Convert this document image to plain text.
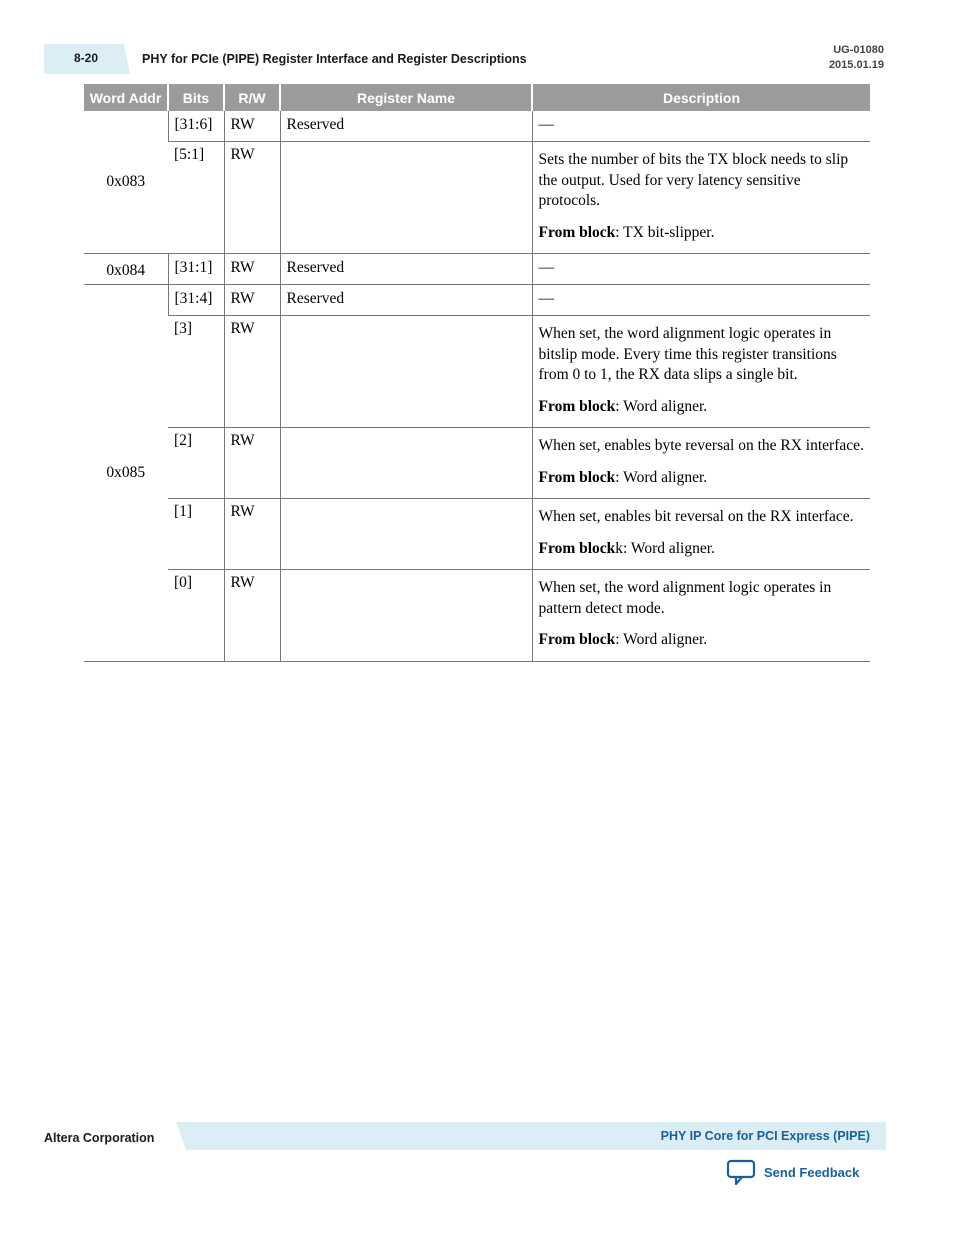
8-20	PHY for PCIe (PIPE) Register Interface and Register Descriptions
UG-01080
2015.01.19
Word Addr	Bits	R/W	Register Name	Description
0x083	[31:6]	RW	Reserved	—
	[5:1]	RW		Sets the number of bits the TX block needs to slip the output. Used for very latency sensitive protocols.

From block: TX bit-slipper.

0x084	[31:1]	RW	Reserved	—
0x085	[31:4]	RW	Reserved	—
	[3]	RW		When set, the word alignment logic operates in bitslip mode. Every time this register transitions from 0 to 1, the RX data slips a single bit.

From block: Word aligner.

	[2]	RW		When set, enables byte reversal on the RX interface.

From block: Word aligner.

	[1]	RW		When set, enables bit reversal on the RX interface.

From blockk: Word aligner.

	[0]	RW		When set, the word alignment logic operates in pattern detect mode.

From block: Word aligner.

Altera Corporation	PHY IP Core for PCI Express (PIPE)
Send Feedback
